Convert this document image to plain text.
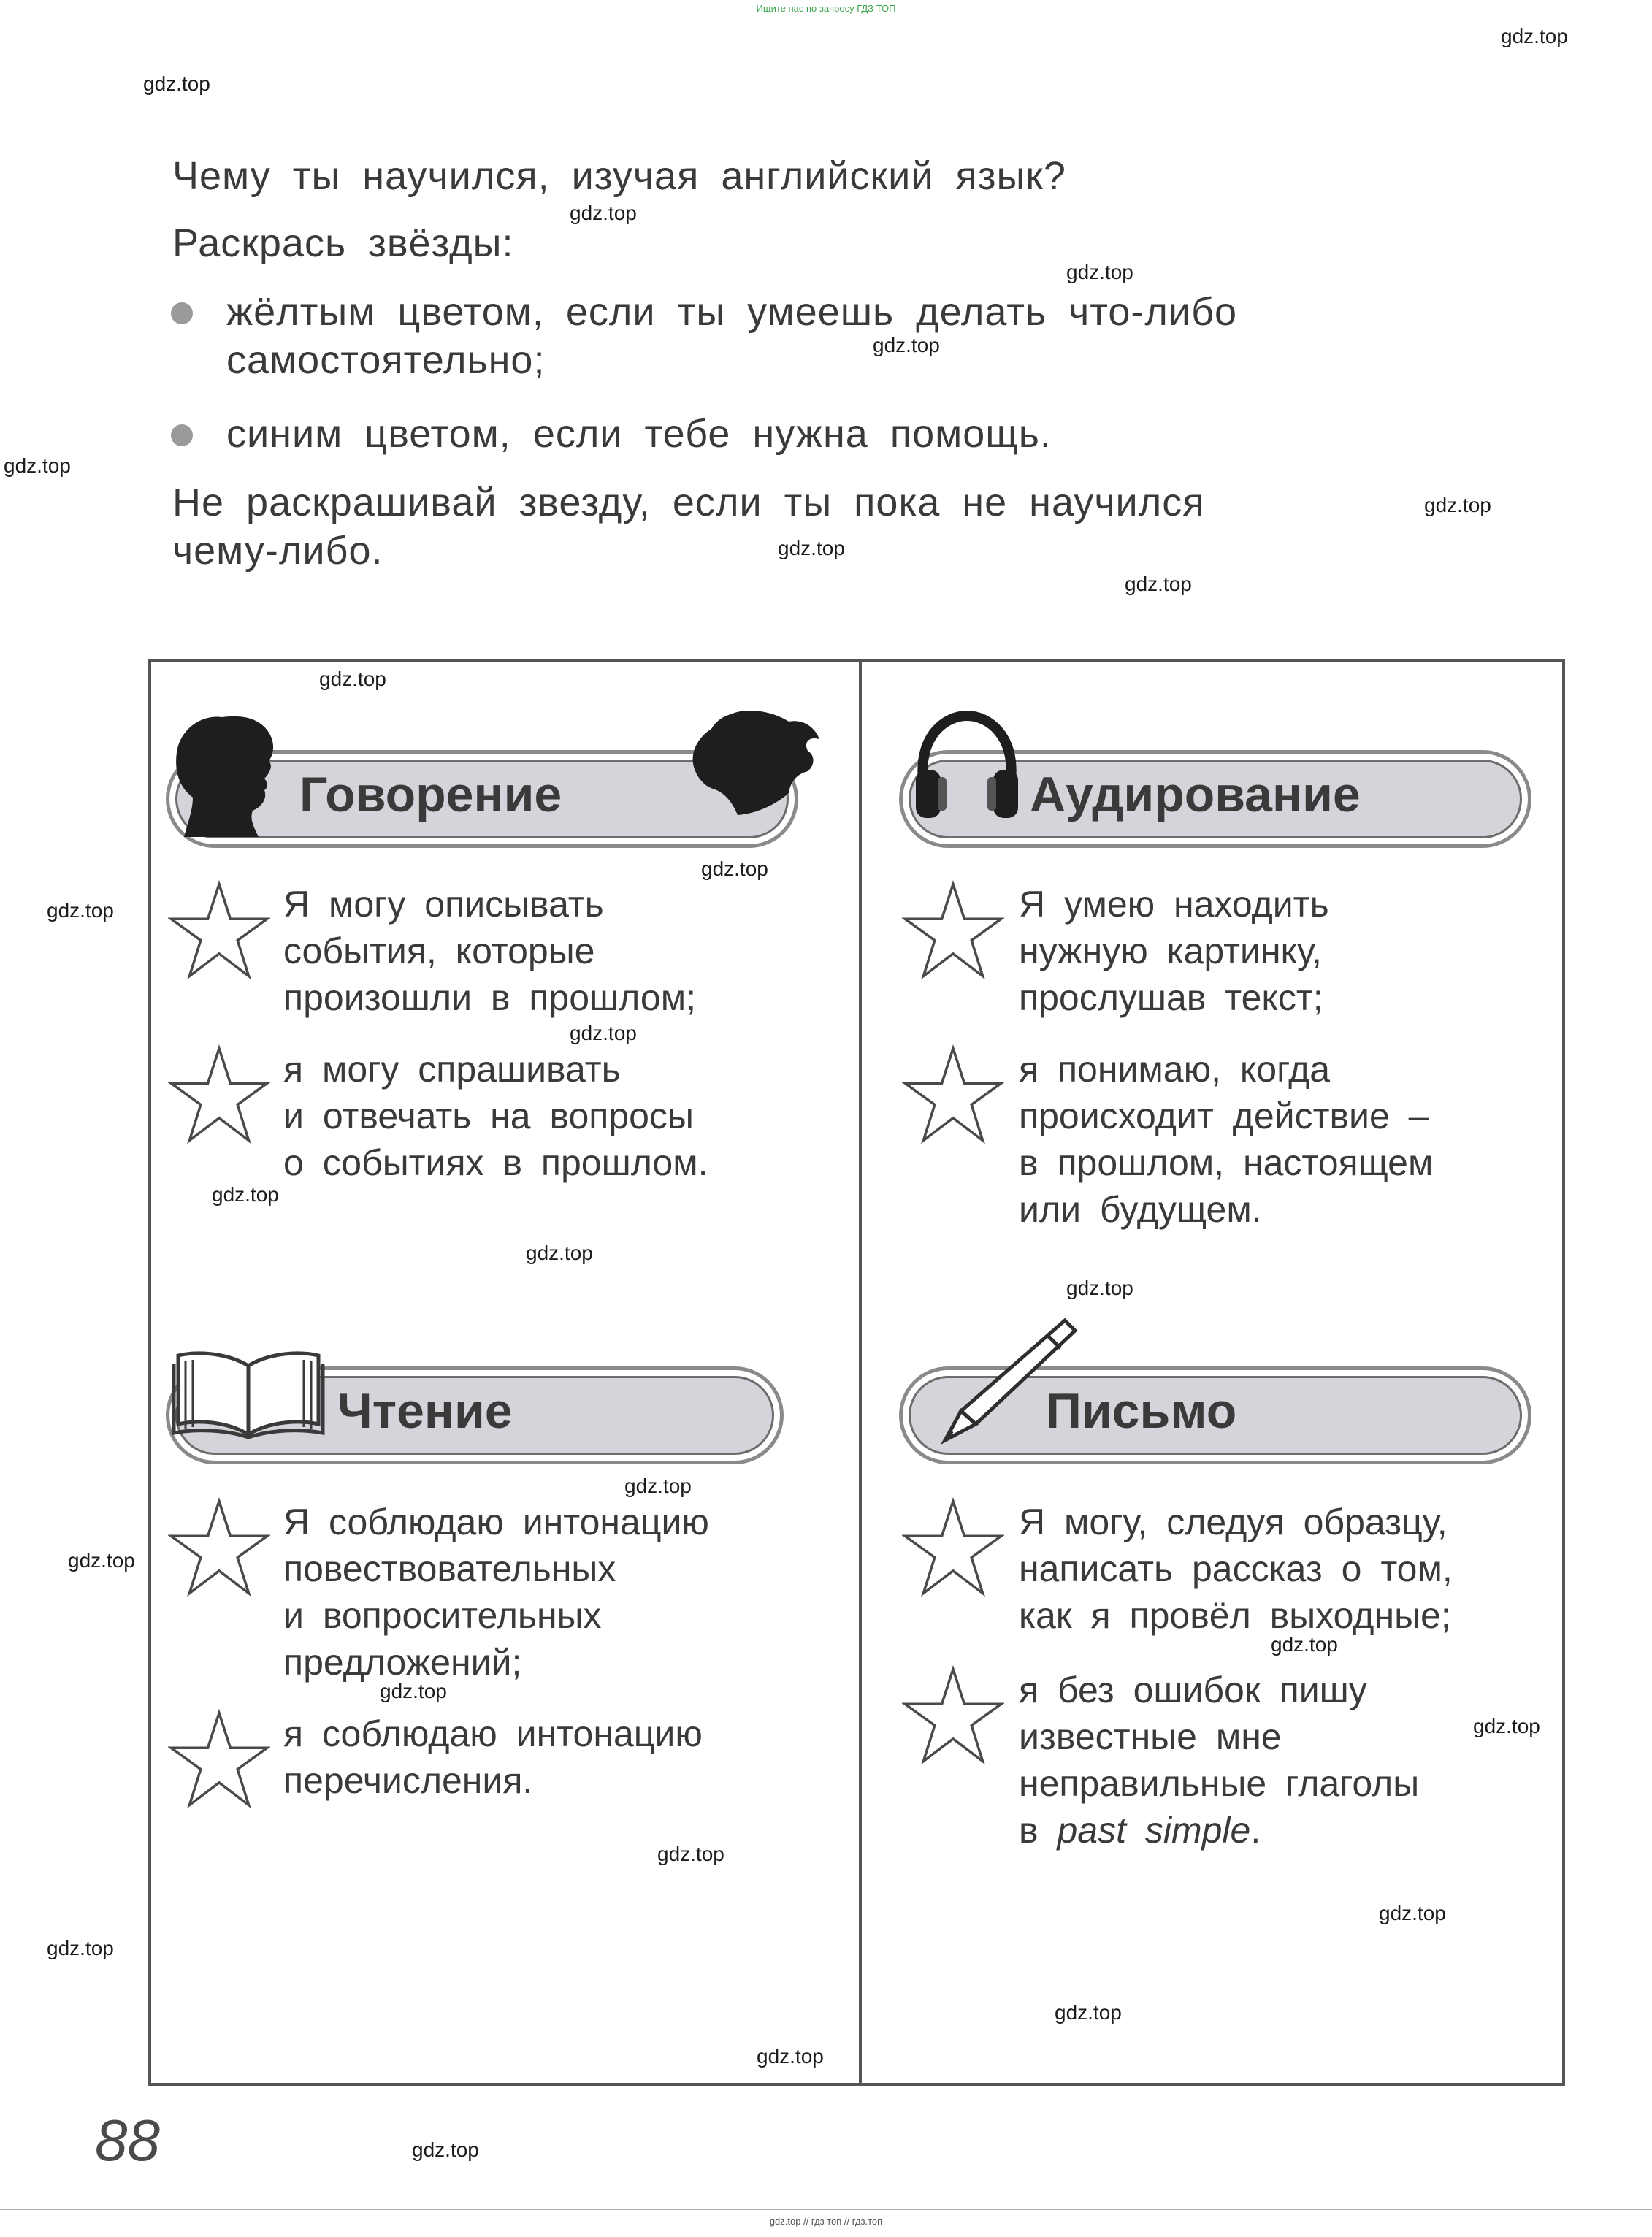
Ищите нас по запросу ГДЗ ТОП
gdz.top // гдз топ // гдз.топ
gdz.top
gdz.top
gdz.top
gdz.top
gdz.top
gdz.top
gdz.top
gdz.top
gdz.top
gdz.top
gdz.top
gdz.top
gdz.top
gdz.top
gdz.top
gdz.top
gdz.top
gdz.top
gdz.top
gdz.top
gdz.top
gdz.top
gdz.top
gdz.top
gdz.top
gdz.top
gdz.top
Чему ты научился, изучая английский язык?
Раскрась звёзды:
жёлтым цветом, если ты умеешь делать что-либо
самостоятельно;
синим цветом, если тебе нужна помощь.
Не раскрашивай звезду, если ты пока не научился
чему-либо.
Говорение
Я могу описывать
события, которые
произошли в прошлом;
я могу спрашивать
и отвечать на вопросы
о событиях в прошлом.
Аудирование
Я умею находить
нужную картинку,
прослушав текст;
я понимаю, когда
происходит действие –
в прошлом, настоящем
или будущем.
Чтение
Я соблюдаю интонацию
повествовательных
и вопросительных
предложений;
я соблюдаю интонацию
перечисления.
Письмо
Я могу, следуя образцу,
написать рассказ о том,
как я провёл выходные;
я без ошибок пишу
известные мне
неправильные глаголы
в past simple.
88
